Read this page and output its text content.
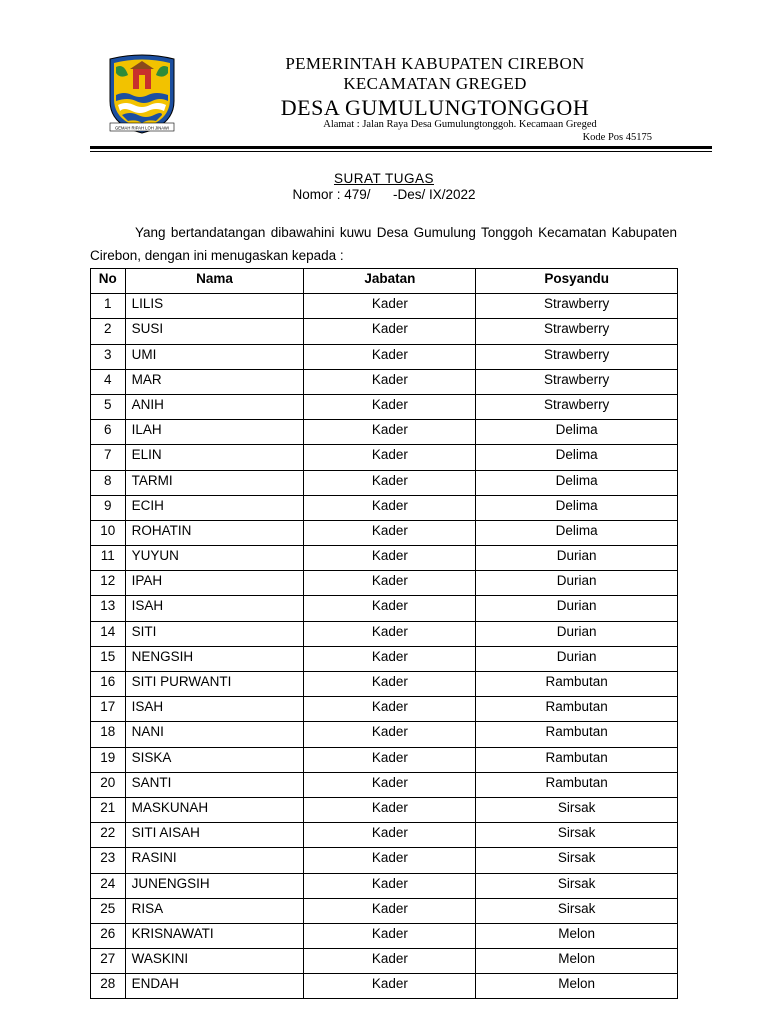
GEMAH RIPAH LOH JINAWI
PEMERINTAH KABUPATEN CIREBON
KECAMATAN GREGED
DESA GUMULUNGTONGGOH
Alamat : Jalan Raya Desa Gumulungtonggoh. Kecamaan Greged
Kode Pos 45175
SURAT TUGAS
Nomor : 479/      -Des/ IX/2022
Yang bertandatangan dibawahini kuwu Desa Gumulung Tonggoh Kecamatan Kabupaten Cirebon, dengan ini menugaskan kepada :
No	Nama	Jabatan	Posyandu
1	LILIS	Kader	Strawberry
2	SUSI	Kader	Strawberry
3	UMI	Kader	Strawberry
4	MAR	Kader	Strawberry
5	ANIH	Kader	Strawberry
6	ILAH	Kader	Delima
7	ELIN	Kader	Delima
8	TARMI	Kader	Delima
9	ECIH	Kader	Delima
10	ROHATIN	Kader	Delima
11	YUYUN	Kader	Durian
12	IPAH	Kader	Durian
13	ISAH	Kader	Durian
14	SITI	Kader	Durian
15	NENGSIH	Kader	Durian
16	SITI PURWANTI	Kader	Rambutan
17	ISAH	Kader	Rambutan
18	NANI	Kader	Rambutan
19	SISKA	Kader	Rambutan
20	SANTI	Kader	Rambutan
21	MASKUNAH	Kader	Sirsak
22	SITI AISAH	Kader	Sirsak
23	RASINI	Kader	Sirsak
24	JUNENGSIH	Kader	Sirsak
25	RISA	Kader	Sirsak
26	KRISNAWATI	Kader	Melon
27	WASKINI	Kader	Melon
28	ENDAH	Kader	Melon
